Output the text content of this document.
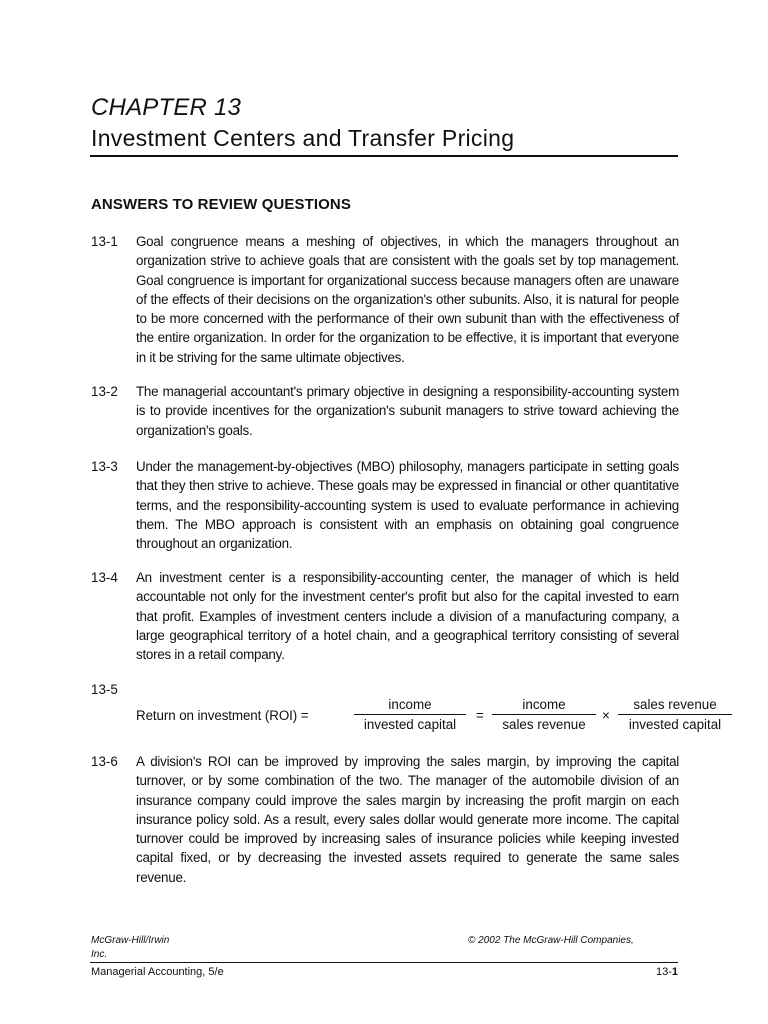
CHAPTER 13
Investment Centers and Transfer Pricing
ANSWERS TO REVIEW QUESTIONS
13-1	Goal congruence means a meshing of objectives, in which the managers throughout an organization strive to achieve goals that are consistent with the goals set by top management. Goal congruence is important for organizational success because managers often are unaware of the effects of their decisions on the organization's other subunits. Also, it is natural for people to be more concerned with the performance of their own subunit than with the effectiveness of the entire organization. In order for the organization to be effective, it is important that everyone in it be striving for the same ultimate objectives.
13-2	The managerial accountant's primary objective in designing a responsibility-accounting system is to provide incentives for the organization's subunit managers to strive toward achieving the organization's goals.
13-3	Under the management-by-objectives (MBO) philosophy, managers participate in setting goals that they then strive to achieve. These goals may be expressed in financial or other quantitative terms, and the responsibility-accounting system is used to evaluate performance in achieving them. The MBO approach is consistent with an emphasis on obtaining goal congruence throughout an organization.
13-4	An investment center is a responsibility-accounting center, the manager of which is held accountable not only for the investment center's profit but also for the capital invested to earn that profit. Examples of investment centers include a division of a manufacturing company, a large geographical territory of a hotel chain, and a geographical territory consisting of several stores in a retail company.
13-5
Return on investment (ROI) =
income
invested capital
=
income
sales revenue
×
sales revenue
invested capital
13-6	A division's ROI can be improved by improving the sales margin, by improving the capital turnover, or by some combination of the two. The manager of the automobile division of an insurance company could improve the sales margin by increasing the profit margin on each insurance policy sold. As a result, every sales dollar would generate more income. The capital turnover could be improved by increasing sales of insurance policies while keeping invested capital fixed, or by decreasing the invested assets required to generate the same sales revenue.
McGraw-Hill/Irwin
Inc.
© 2002 The McGraw-Hill Companies,
Managerial Accounting, 5/e	13-1
